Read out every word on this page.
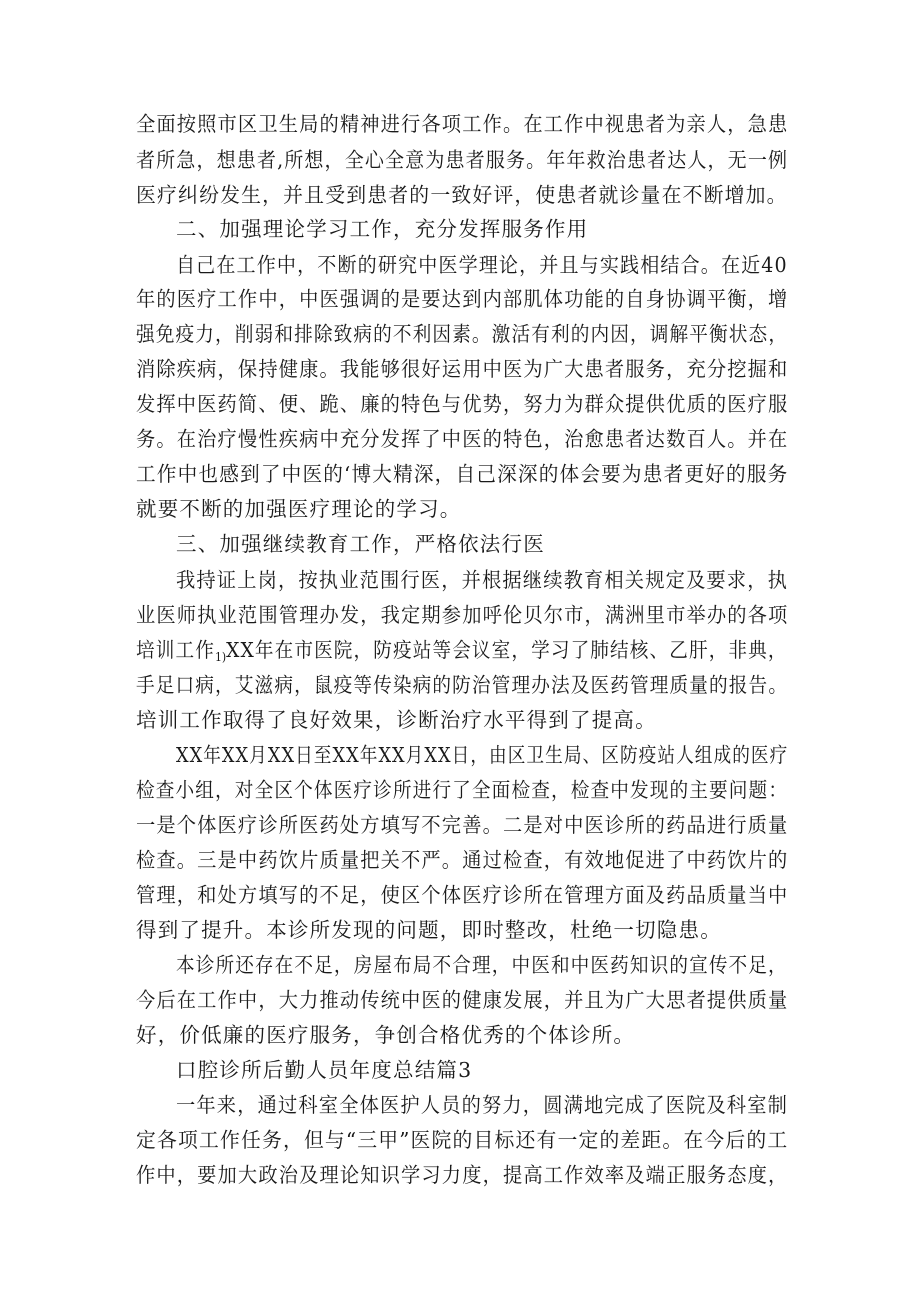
全面按照市区卫生局的精神进行各项工作。在工作中视患者为亲人，急患
者所急，想患者,所想，全心全意为患者服务。年年救治患者达人，无一例
医疗纠纷发生，并且受到患者的一致好评，使患者就诊量在不断增加。
二、加强理论学习工作，充分发挥服务作用
自己在工作中，不断的研究中医学理论，并且与实践相结合。在近40
年的医疗工作中，中医强调的是要达到内部肌体功能的自身协调平衡，增
强免疫力，削弱和排除致病的不利因素。激活有利的内因，调解平衡状态，
消除疾病，保持健康。我能够很好运用中医为广大患者服务，充分挖掘和
发挥中医药简、便、跪、廉的特色与优势，努力为群众提供优质的医疗服
务。在治疗慢性疾病中充分发挥了中医的特色，治愈患者达数百人。并在
工作中也感到了中医的‘博大精深，自己深深的体会要为患者更好的服务
就要不断的加强医疗理论的学习。
三、加强继续教育工作，严格依法行医
我持证上岗，按执业范围行医，并根据继续教育相关规定及要求，执
业医师执业范围管理办发，我定期参加呼伦贝尔市，满洲里市举办的各项
培训工作1)XX年在市医院，防疫站等会议室，学习了肺结核、乙肝，非典，
手足口病，艾滋病，鼠疫等传染病的防治管理办法及医药管理质量的报告。
培训工作取得了良好效果，诊断治疗水平得到了提高。
XX年XX月XX日至XX年XX月XX日，由区卫生局、区防疫站人组成的医疗
检查小组，对全区个体医疗诊所进行了全面检查，检查中发现的主要问题：
一是个体医疗诊所医药处方填写不完善。二是对中医诊所的药品进行质量
检查。三是中药饮片质量把关不严。通过检查，有效地促进了中药饮片的
管理，和处方填写的不足，使区个体医疗诊所在管理方面及药品质量当中
得到了提升。本诊所发现的问题，即时整改，杜绝一切隐患。
本诊所还存在不足，房屋布局不合理，中医和中医药知识的宣传不足，
今后在工作中，大力推动传统中医的健康发展，并且为广大思者提供质量
好，价低廉的医疗服务，争创合格优秀的个体诊所。
口腔诊所后勤人员年度总结篇3
一年来，通过科室全体医护人员的努力，圆满地完成了医院及科室制
定各项工作任务，但与“三甲”医院的目标还有一定的差距。在今后的工
作中，要加大政治及理论知识学习力度，提高工作效率及端正服务态度，
